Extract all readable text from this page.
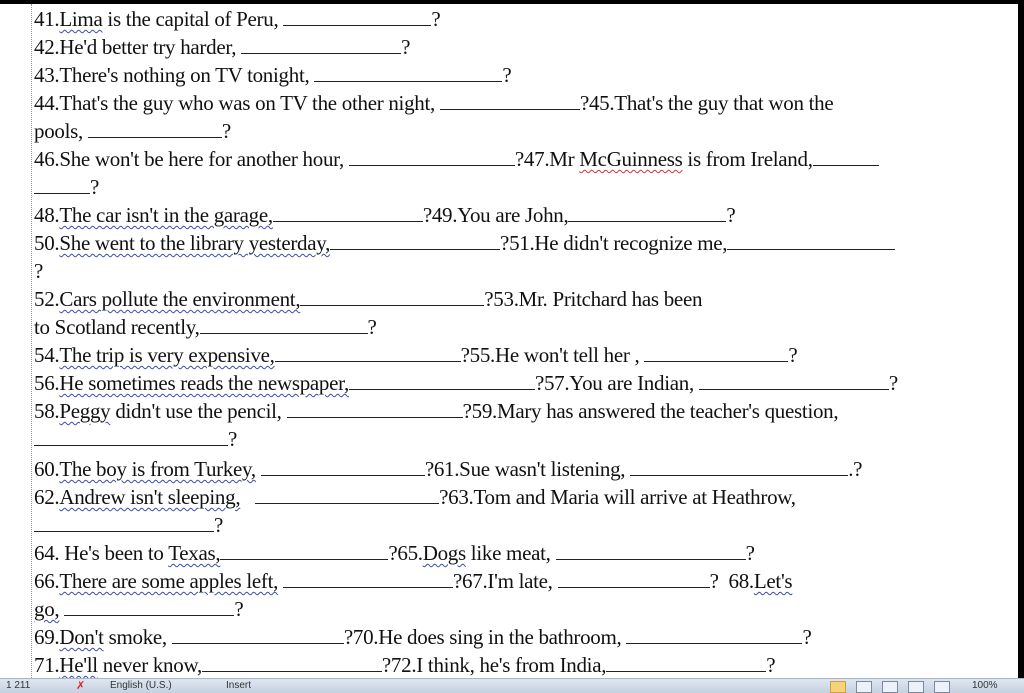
41.Lima is the capital of Peru,	?
42.He'd better try harder,	?
43.There's nothing on TV tonight,	?
44.That's the guy who was on TV the other night,	?45.That's the guy that won the
pools,	?
46.She won't be here for another hour,	?47.Mr McGuinness is from Ireland,
?
48.The car isn't in the garage,	?49.You are John,	?
50.She went to the library yesterday,	?51.He didn't recognize me,
?
52.Cars pollute the environment,	?53.Mr. Pritchard has been
to Scotland recently,	?
54.The trip is very expensive,	?55.He won't tell her ,	?
56.He sometimes reads the newspaper,	?57.You are Indian,	?
58.Peggy didn't use the pencil,	?59.Mary has answered the teacher's question,
?
60.The boy is from Turkey,	?61.Sue wasn't listening,	.?
62.Andrew isn't sleeping,	?63.Tom and Maria will arrive at Heathrow,
?
64. He's been to Texas,	?65.Dogs like meat,	?
66.There are some apples left,	?67.I'm late,	?  68.Let's
go,	?
69.Don't smoke,	?70.He does sing in the bathroom,	?
71.He'll never know,	?72.I think, he's from India,	?
1 211	✗ English (U.S.)	Insert	100%
